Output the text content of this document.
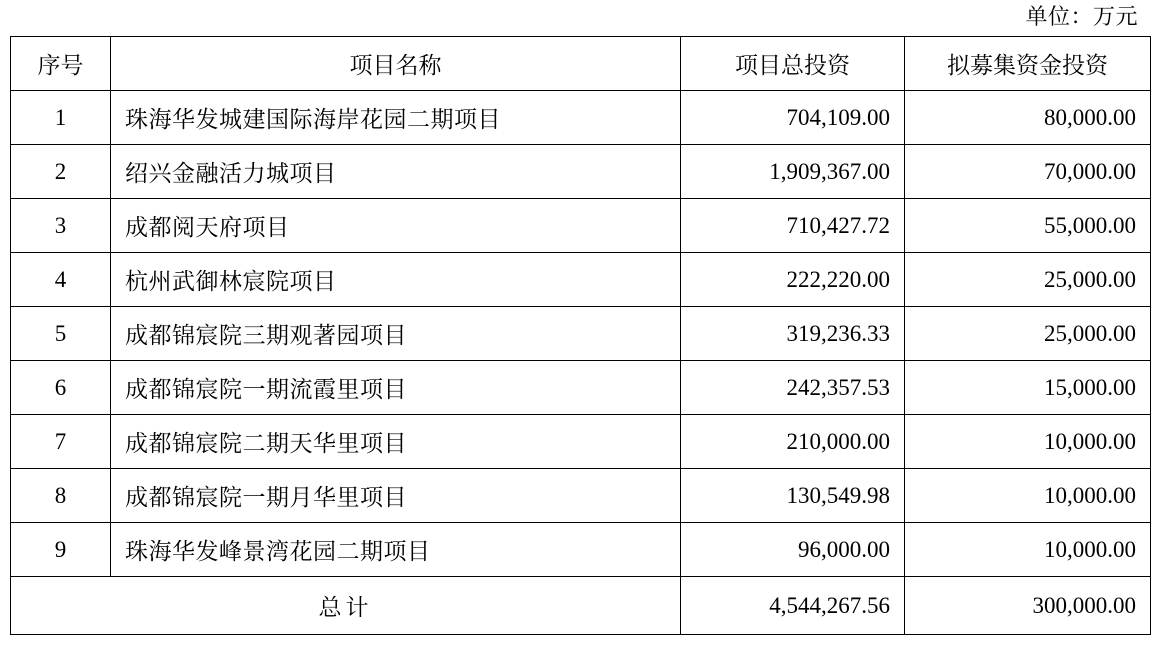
单位：万元
序号	项目名称	项目总投资	拟募集资金投资
1	珠海华发城建国际海岸花园二期项目	704,109.00	80,000.00
2	绍兴金融活力城项目	1,909,367.00	70,000.00
3	成都阅天府项目	710,427.72	55,000.00
4	杭州武御林宸院项目	222,220.00	25,000.00
5	成都锦宸院三期观著园项目	319,236.33	25,000.00
6	成都锦宸院一期流霞里项目	242,357.53	15,000.00
7	成都锦宸院二期天华里项目	210,000.00	10,000.00
8	成都锦宸院一期月华里项目	130,549.98	10,000.00
9	珠海华发峰景湾花园二期项目	96,000.00	10,000.00
总计		4,544,267.56	300,000.00
